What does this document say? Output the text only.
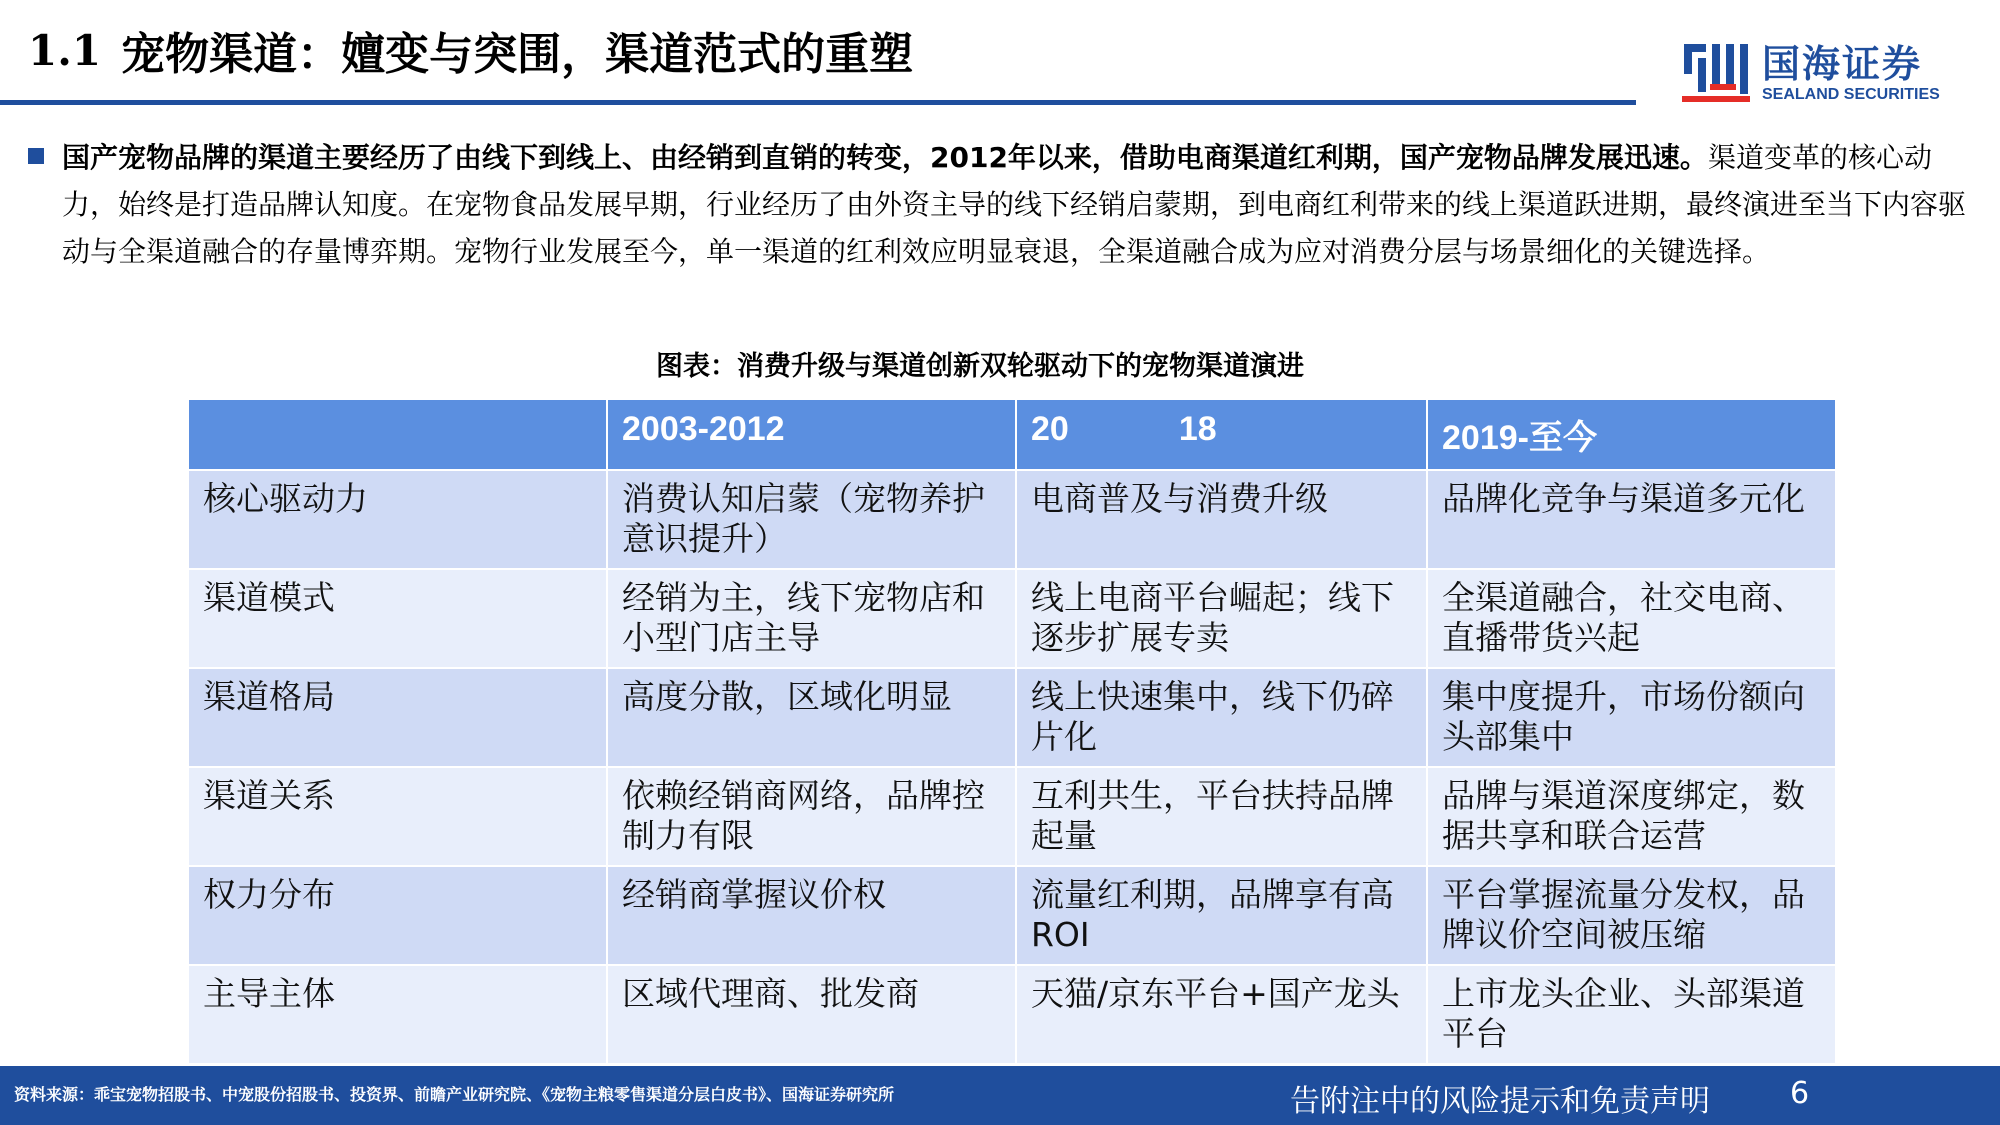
1.1 宠物渠道：嬗变与突围，渠道范式的重塑	国海证券
SEALAND SECURITIES
国产宠物品牌的渠道主要经历了由线下到线上、由经销到直销的转变，2012年以来，借助电商渠道红利期，国产宠物品牌发展迅速。渠道变革的核心动力，始终是打造品牌认知度。在宠物食品发展早期，行业经历了由外资主导的线下经销启蒙期，到电商红利带来的线上渠道跃进期，最终演进至当下内容驱动与全渠道融合的存量博弈期。宠物行业发展至今，单一渠道的红利效应明显衰退，全渠道融合成为应对消费分层与场景细化的关键选择。
图表：消费升级与渠道创新双轮驱动下的宠物渠道演进
	2003-2012	20 18	2019-至今
核心驱动力	消费认知启蒙（宠物养护意识提升）	电商普及与消费升级	品牌化竞争与渠道多元化
渠道模式	经销为主，线下宠物店和小型门店主导	线上电商平台崛起；线下逐步扩展专卖	全渠道融合，社交电商、直播带货兴起
渠道格局	高度分散，区域化明显	线上快速集中，线下仍碎片化	集中度提升，市场份额向头部集中
渠道关系	依赖经销商网络，品牌控制力有限	互利共生，平台扶持品牌起量	品牌与渠道深度绑定，数据共享和联合运营
权力分布	经销商掌握议价权	流量红利期，品牌享有高ROI	平台掌握流量分发权，品牌议价空间被压缩
主导主体	区域代理商、批发商	天猫/京东平台+国产龙头	上市龙头企业、头部渠道平台
资料来源：乖宝宠物招股书、中宠股份招股书、投资界、前瞻产业研究院、《宠物主粮零售渠道分层白皮书》、国海证券研究所	告附注中的风险提示和免责声明	6
